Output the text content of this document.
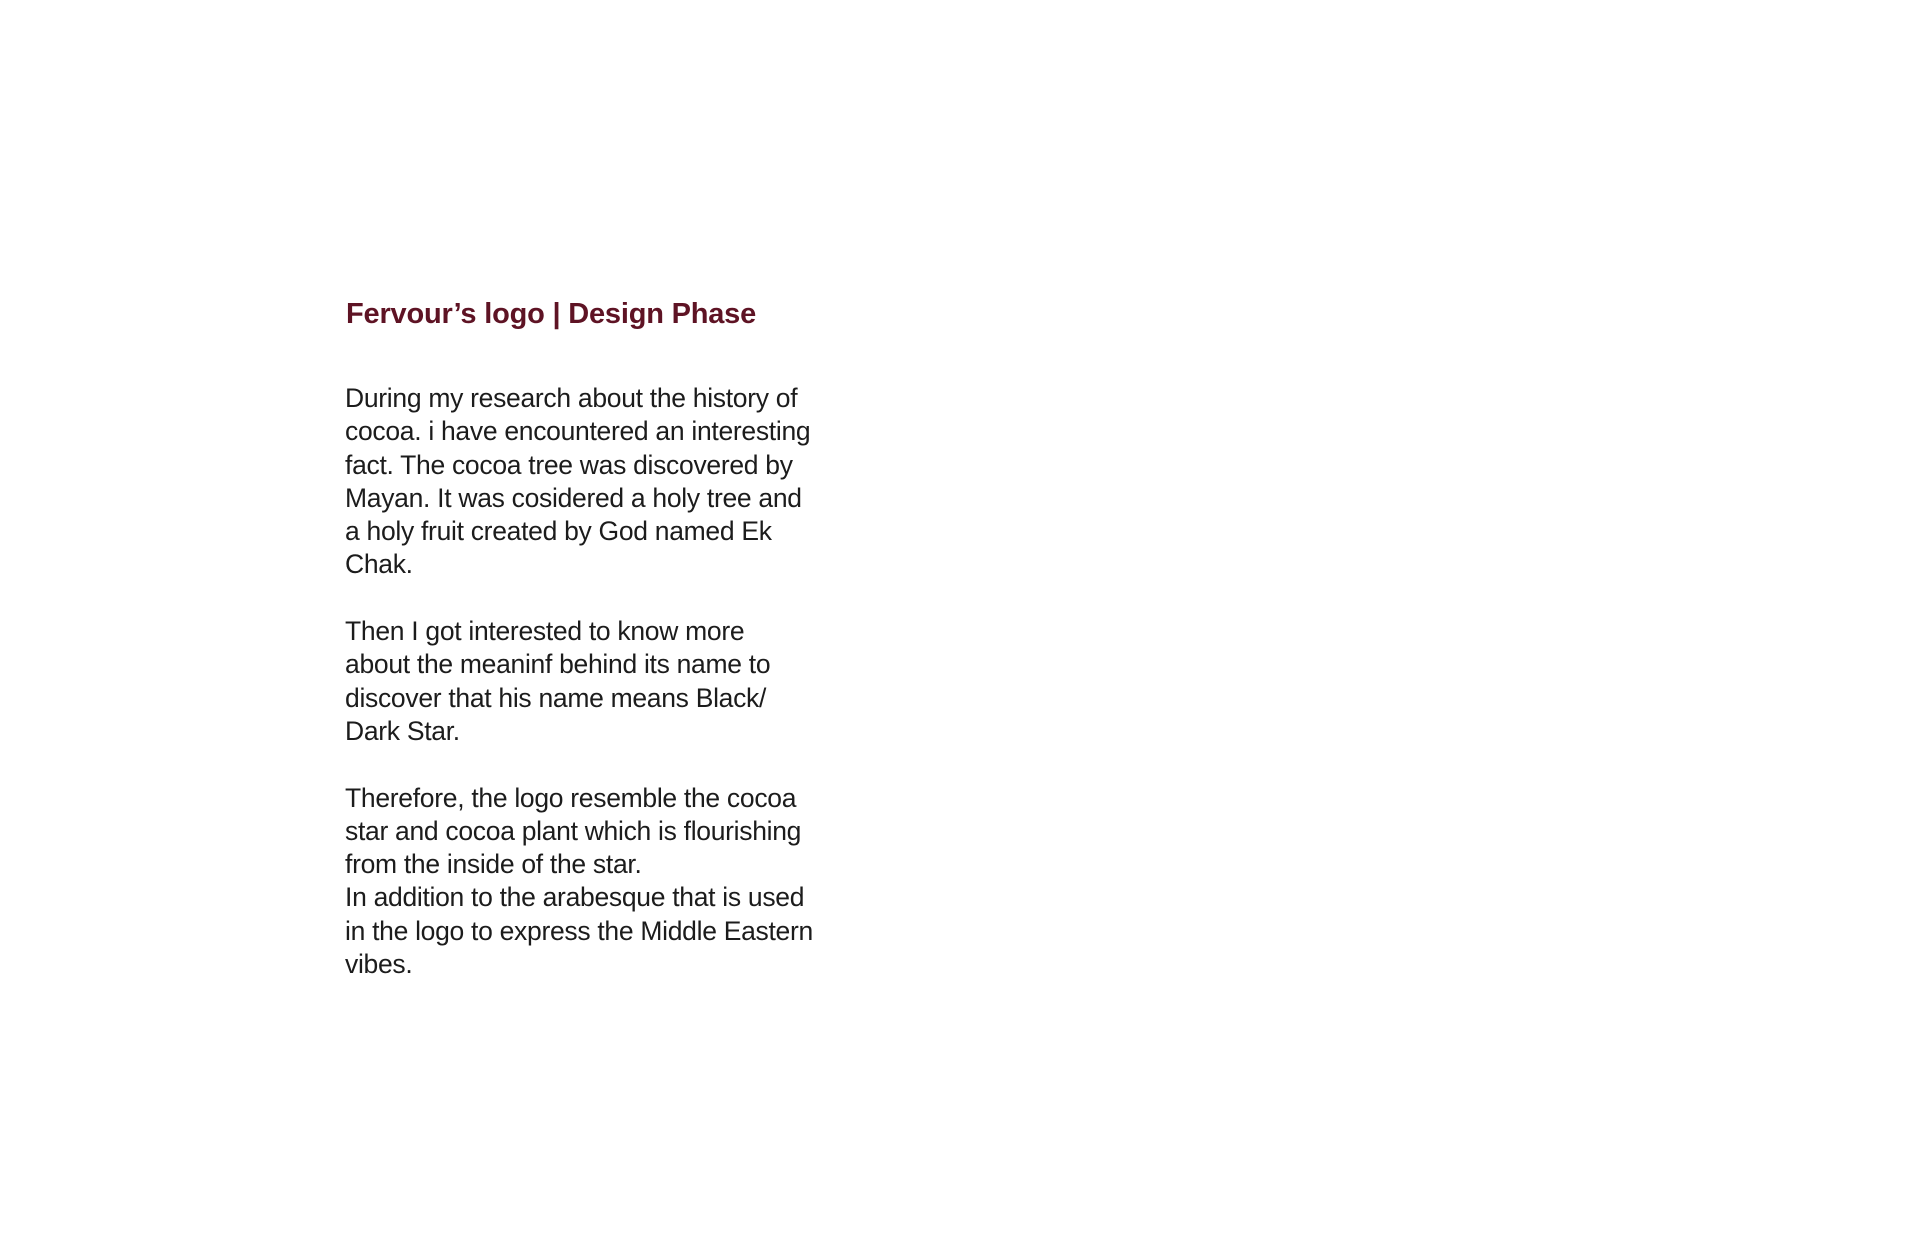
Fervour’s logo | Design Phase
During my research about the history of
cocoa. i have encountered an interesting
fact. The cocoa tree was discovered by
Mayan. It was cosidered a holy tree and
a holy fruit created by God named Ek
Chak.
Then I got interested to know more
about the meaninf behind its name to
discover that his name means Black/
Dark Star.
Therefore, the logo resemble the cocoa
star and cocoa plant which is flourishing
from the inside of the star.
In addition to the arabesque that is used
in the logo to express the Middle Eastern
vibes.
